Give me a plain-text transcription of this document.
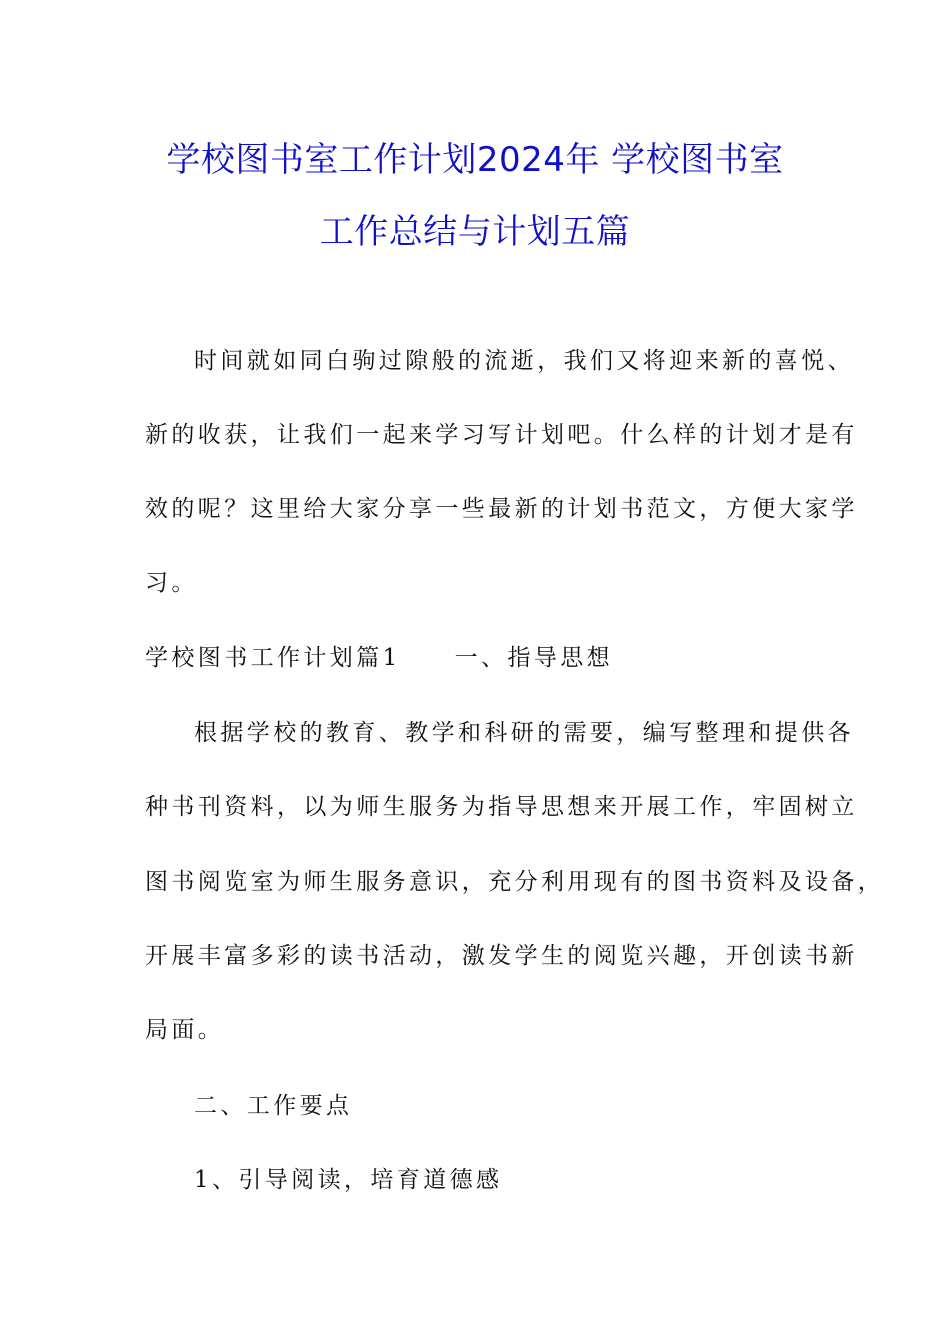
学校图书室工作计划2024年 学校图书室
工作总结与计划五篇
时间就如同白驹过隙般的流逝，我们又将迎来新的喜悦、
新的收获，让我们一起来学习写计划吧。什么样的计划才是有
效的呢？这里给大家分享一些最新的计划书范文，方便大家学
习。
学校图书工作计划篇1 一、指导思想
根据学校的教育、教学和科研的需要，编写整理和提供各
种书刊资料，以为师生服务为指导思想来开展工作，牢固树立
图书阅览室为师生服务意识，充分利用现有的图书资料及设备，
开展丰富多彩的读书活动，激发学生的阅览兴趣，开创读书新
局面。
二、工作要点
1、引导阅读，培育道德感
